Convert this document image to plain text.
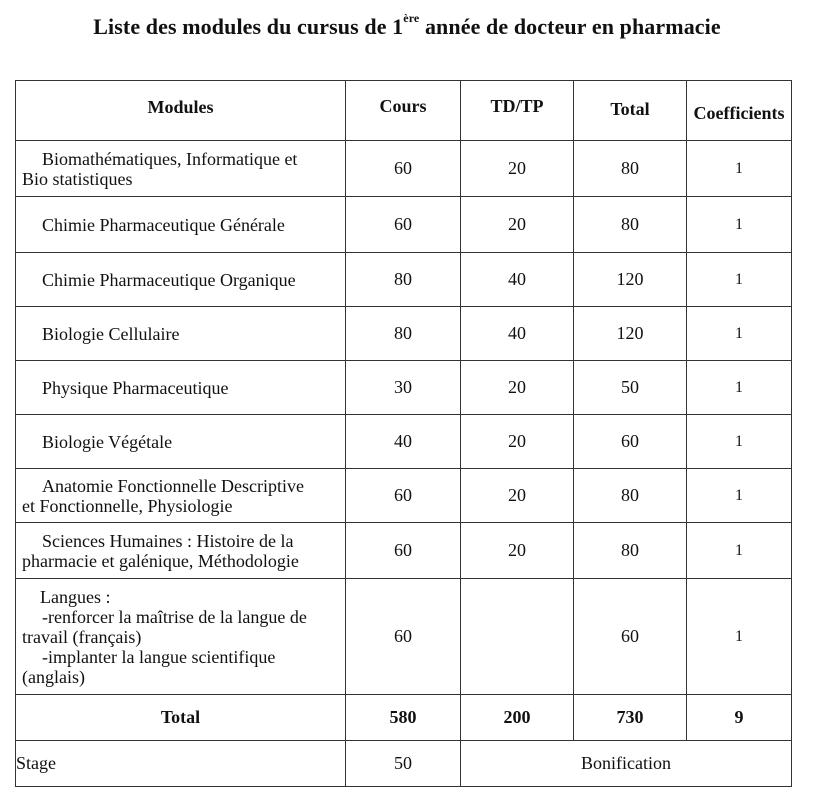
Liste des modules du cursus de 1ère année de docteur en pharmacie
Modules	Cours	TD/TP	Total	Coefficients
Biomathématiques, Informatique et
Bio statistiques	60	20	80	1
Chimie Pharmaceutique Générale	60	20	80	1
Chimie Pharmaceutique Organique	80	40	120	1
Biologie Cellulaire	80	40	120	1
Physique Pharmaceutique	30	20	50	1
Biologie Végétale	40	20	60	1
Anatomie Fonctionnelle Descriptive
et Fonctionnelle, Physiologie	60	20	80	1
Sciences Humaines : Histoire de la
pharmacie et galénique, Méthodologie	60	20	80	1

Langues :
-renforcer la maîtrise de la langue de
travail (français)
-implanter la langue scientifique
(anglais)	60		60	1
Total	580	200	730	9
Stage	50	Bonification		
